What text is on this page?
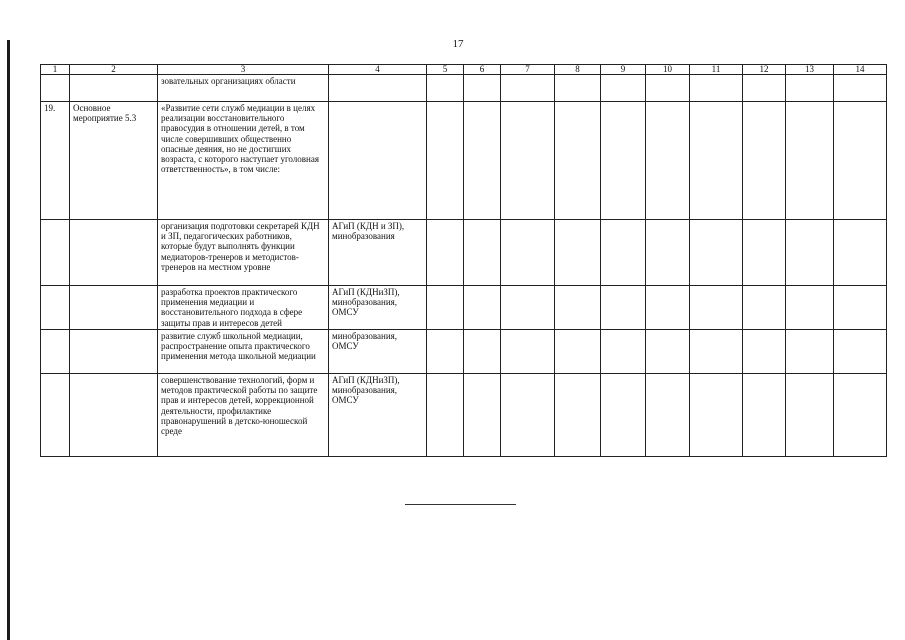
17
1	2	3	4	5	6	7	8	9	10	11	12	13	14
		зовательных организациях области											
19.	Основное мероприятие 5.3	«Развитие сети служб медиации в целях реализации восстановительного правосудия в отношении детей, в том числе совершивших общественно опасные деяния, но не достигших возраста, с которого наступает уголовная ответственность», в том числе:											
		организация подготовки секретарей КДН и ЗП, педагогических работников, которые будут выполнять функции медиаторов-тренеров и методистов-тренеров на местном уровне	АГиП (КДН и ЗП), минобразования										
		разработка проектов практического применения медиации и восстановительного подхода в сфере защиты прав и интересов детей	АГиП (КДНиЗП), минобразования, ОМСУ										
		развитие служб школьной медиации, распространение опыта практического применения метода школьной медиации	минобразования, ОМСУ										
		совершенствование технологий, форм и методов практической работы по защите прав и интересов детей, коррекционной деятельности, профилактике правонарушений в детско-юношеской среде	АГиП (КДНиЗП), минобразования, ОМСУ										
